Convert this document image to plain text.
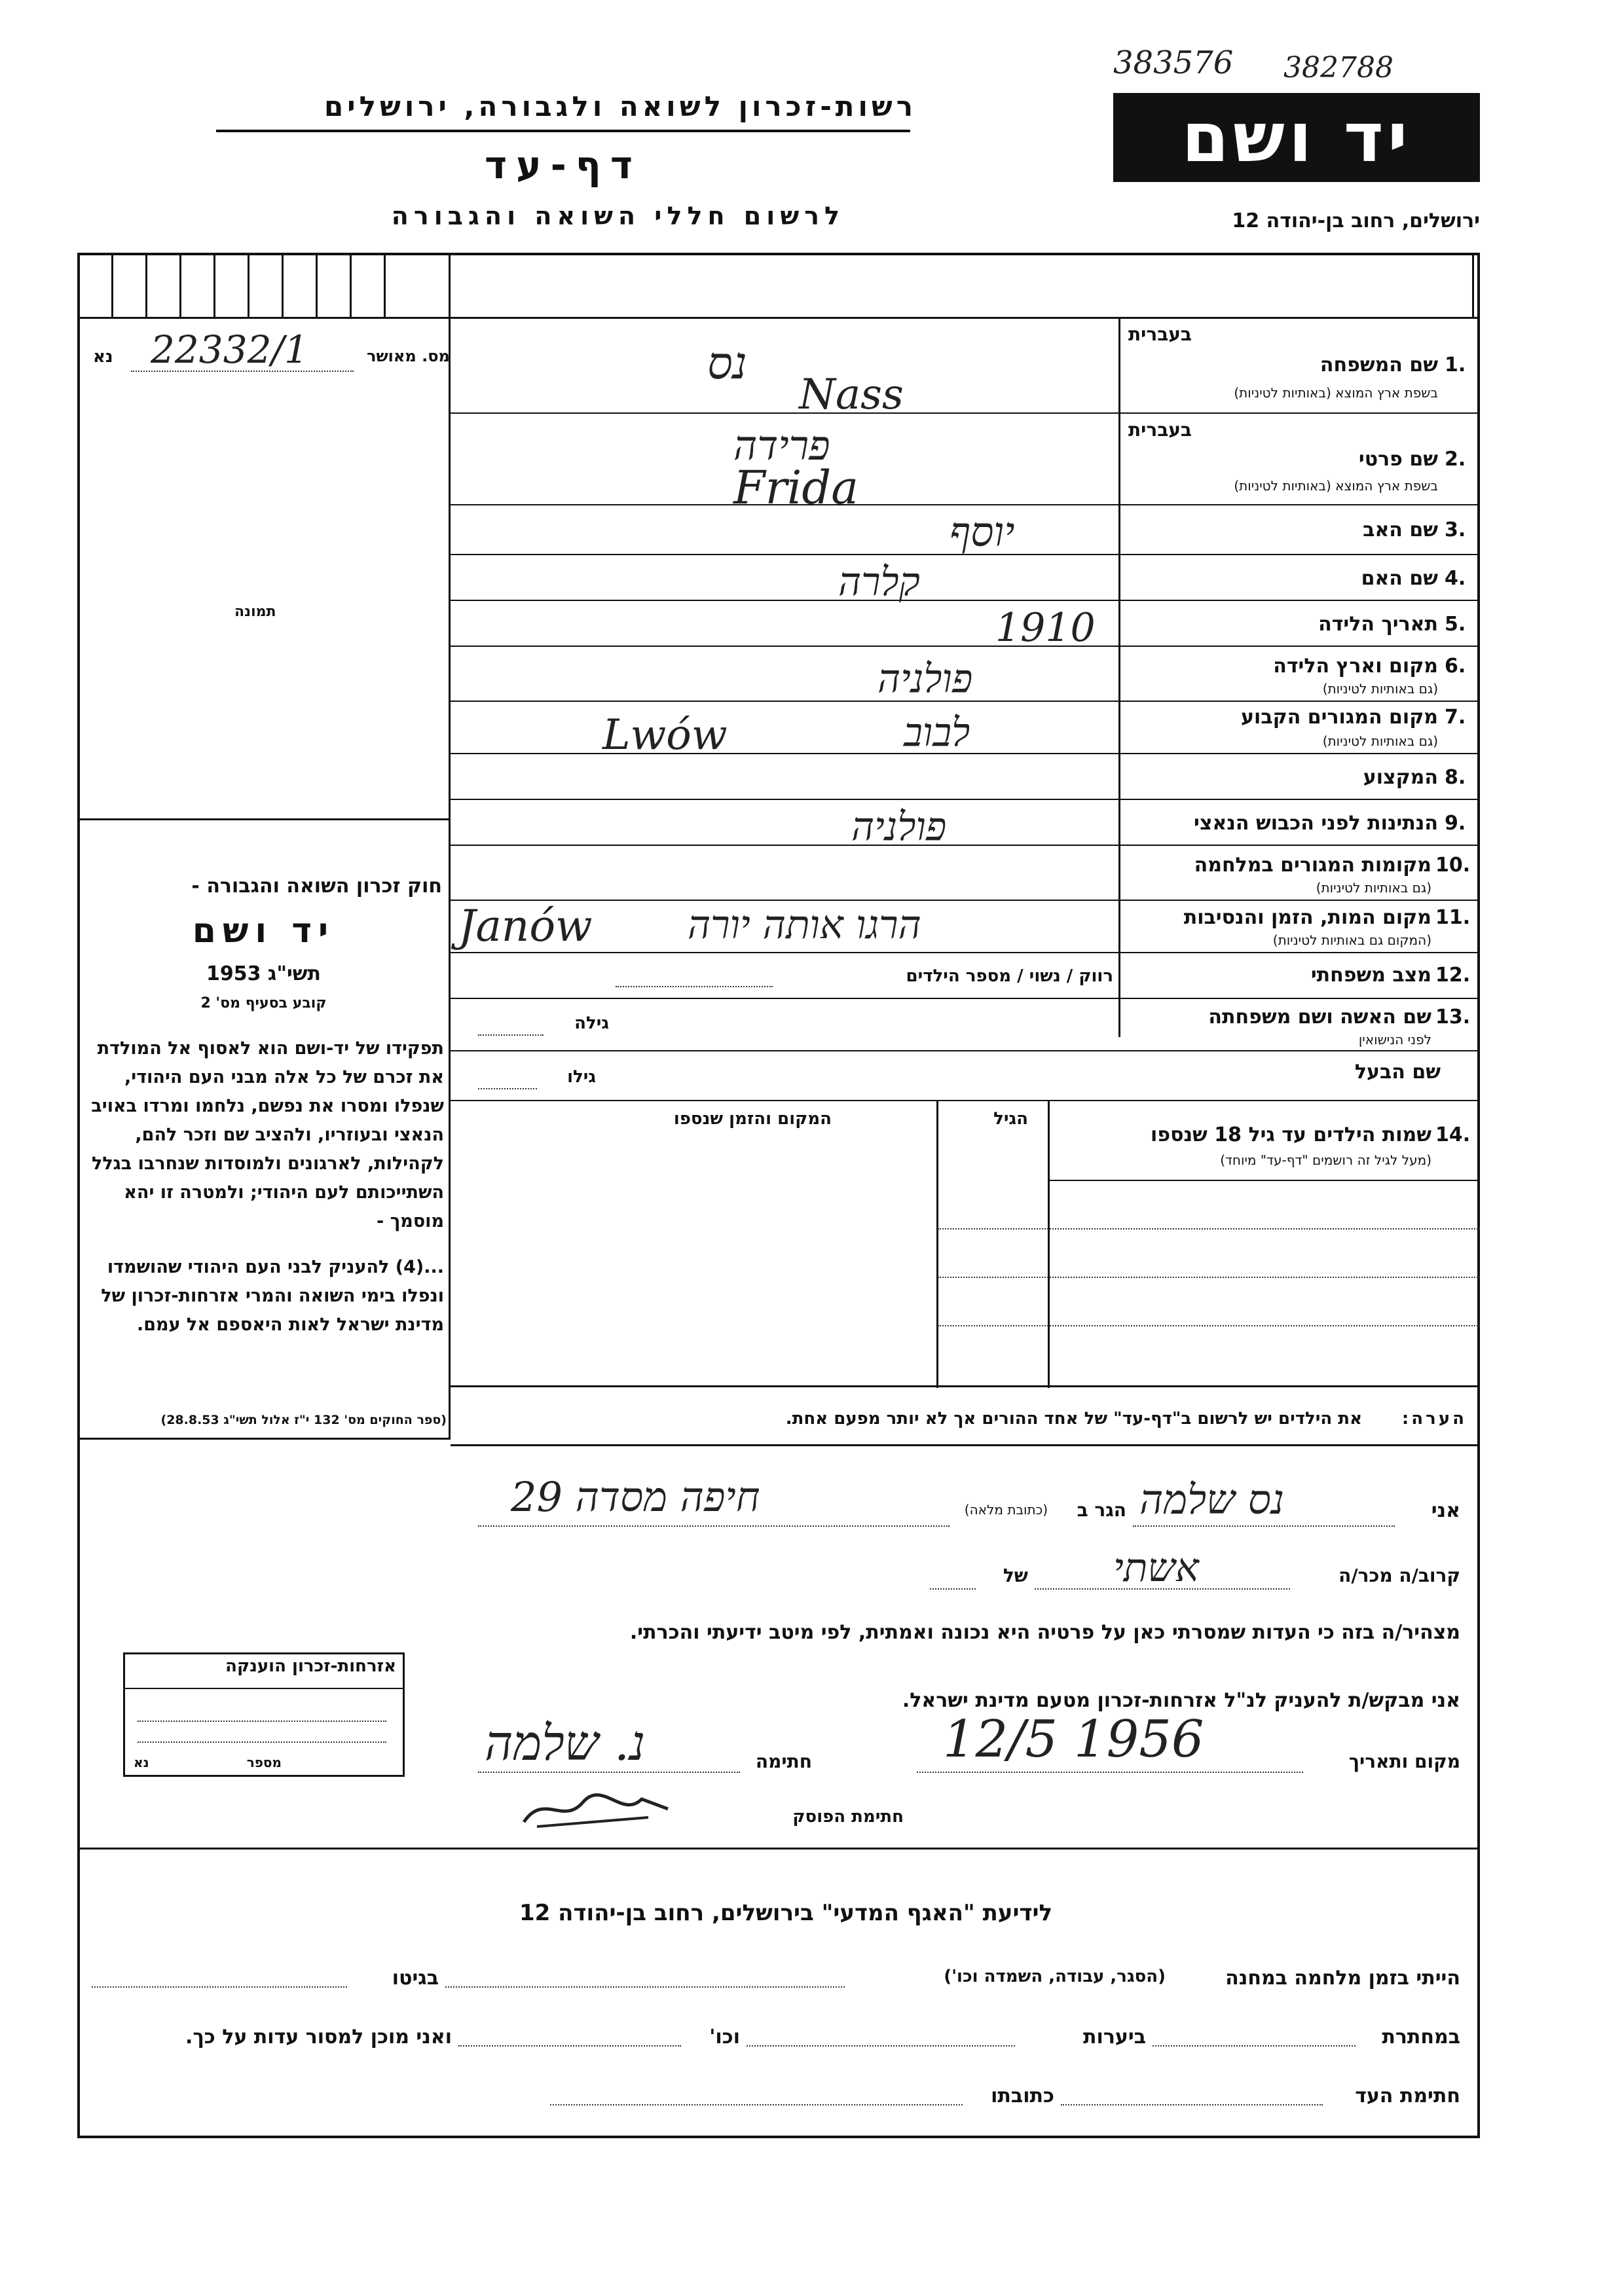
רשות-זכרון לשואה ולגבורה, ירושלים
דף-עד
לרשום חללי השואה והגבורה
383576 382788
יד ושם
ירושלים, רחוב בן-יהודה 12
נא 22332/1	מס. מאושר
תמונה
חוק זכרון השואה והגבורה -
יד ושם
תשי"ג 1953
קובע בסעיף מס' 2
תפקידו של יד-ושם הוא לאסוף אל המולדת את זכרם של כל אלה מבני העם היהודי, שנפלו ומסרו את נפשם, נלחמו ומרדו באויב הנאצי ובעוזריו, ולהציב שם וזכר להם, לקהילות, לארגונים ולמוסדות שנחרבו בגלל השתייכותם לעם היהודי; ולמטרה זו יהא מוסמך -
...(4) להעניק לבני העם היהודי שהושמדו ונפלו בימי השואה והמרי אזרחות-זכרון של מדינת ישראל לאות היאספם אל עמם.
(ספר החוקים מס' 132 י"ז אלול תשי"ג 28.8.53)
בעברית
1.
שם המשפחה
בשפת ארץ המוצא (באותיות לטיניות)
בעברית
2.
שם פרטי
בשפת ארץ המוצא (באותיות לטיניות)
3.
שם האב
4.
שם האם
5.
תאריך הלידה
6.
מקום וארץ הלידה
(גם באותיות לטיניות)
7.
מקום המגורים הקבוע
(גם באותיות לטיניות)
8.
המקצוע
9.
הנתינות לפני הכבוש הנאצי
10.
מקומות המגורים במלחמה
(גם באותיות לטיניות)
11.
מקום המות, הזמן והנסיבות
(המקום גם באותיות לטיניות)
12.
מצב משפחתי
רווק / נשוי / מספר הילדים
13.
שם האשה ושם משפחתה
לפני הנישואין
גילה
שם הבעל
גילו
14.
שמות הילדים עד גיל 18 שנספו
(מעל לגיל זה רושמים "דף-עד" מיוחד)
הגיל
המקום והזמן שנספו
נס
Nass
פרידה
Frida
יוסף
קלרה
1910
פולניה
לבוב
Lwów
פולניה
הרגו אותה יורה
Janów
הערה:
את הילדים יש לרשום ב"דף-עד" של אחד ההורים אך לא יותר מפעם אחת.
אני
נס שלמה
הגר ב
(כתובת מלאה)
חיפה מסדה 29
קרוב/ה מכר/ה
אשתי
של
מצהיר/ה בזה כי העדות שמסרתי כאן על פרטיה היא נכונה ואמתית, לפי מיטב ידיעתי והכרתי.
אני מבקש/ת להעניק לנ"ל אזרחות-זכרון מטעם מדינת ישראל.
מקום ותאריך
12/5 1956
חתימה
נ. שלמה
חתימת הפוסק
אזרחות-זכרון הוענקה
נא	מספר
לידיעת "האגף המדעי" בירושלים, רחוב בן-יהודה 12
הייתי בזמן מלחמה במחנה
(הסגר, עבודה, השמדה וכו')
בגיטו
במחתרת
ביערות
וכו'
ואני מוכן למסור עדות על כך.
חתימת העד
כתובתו
